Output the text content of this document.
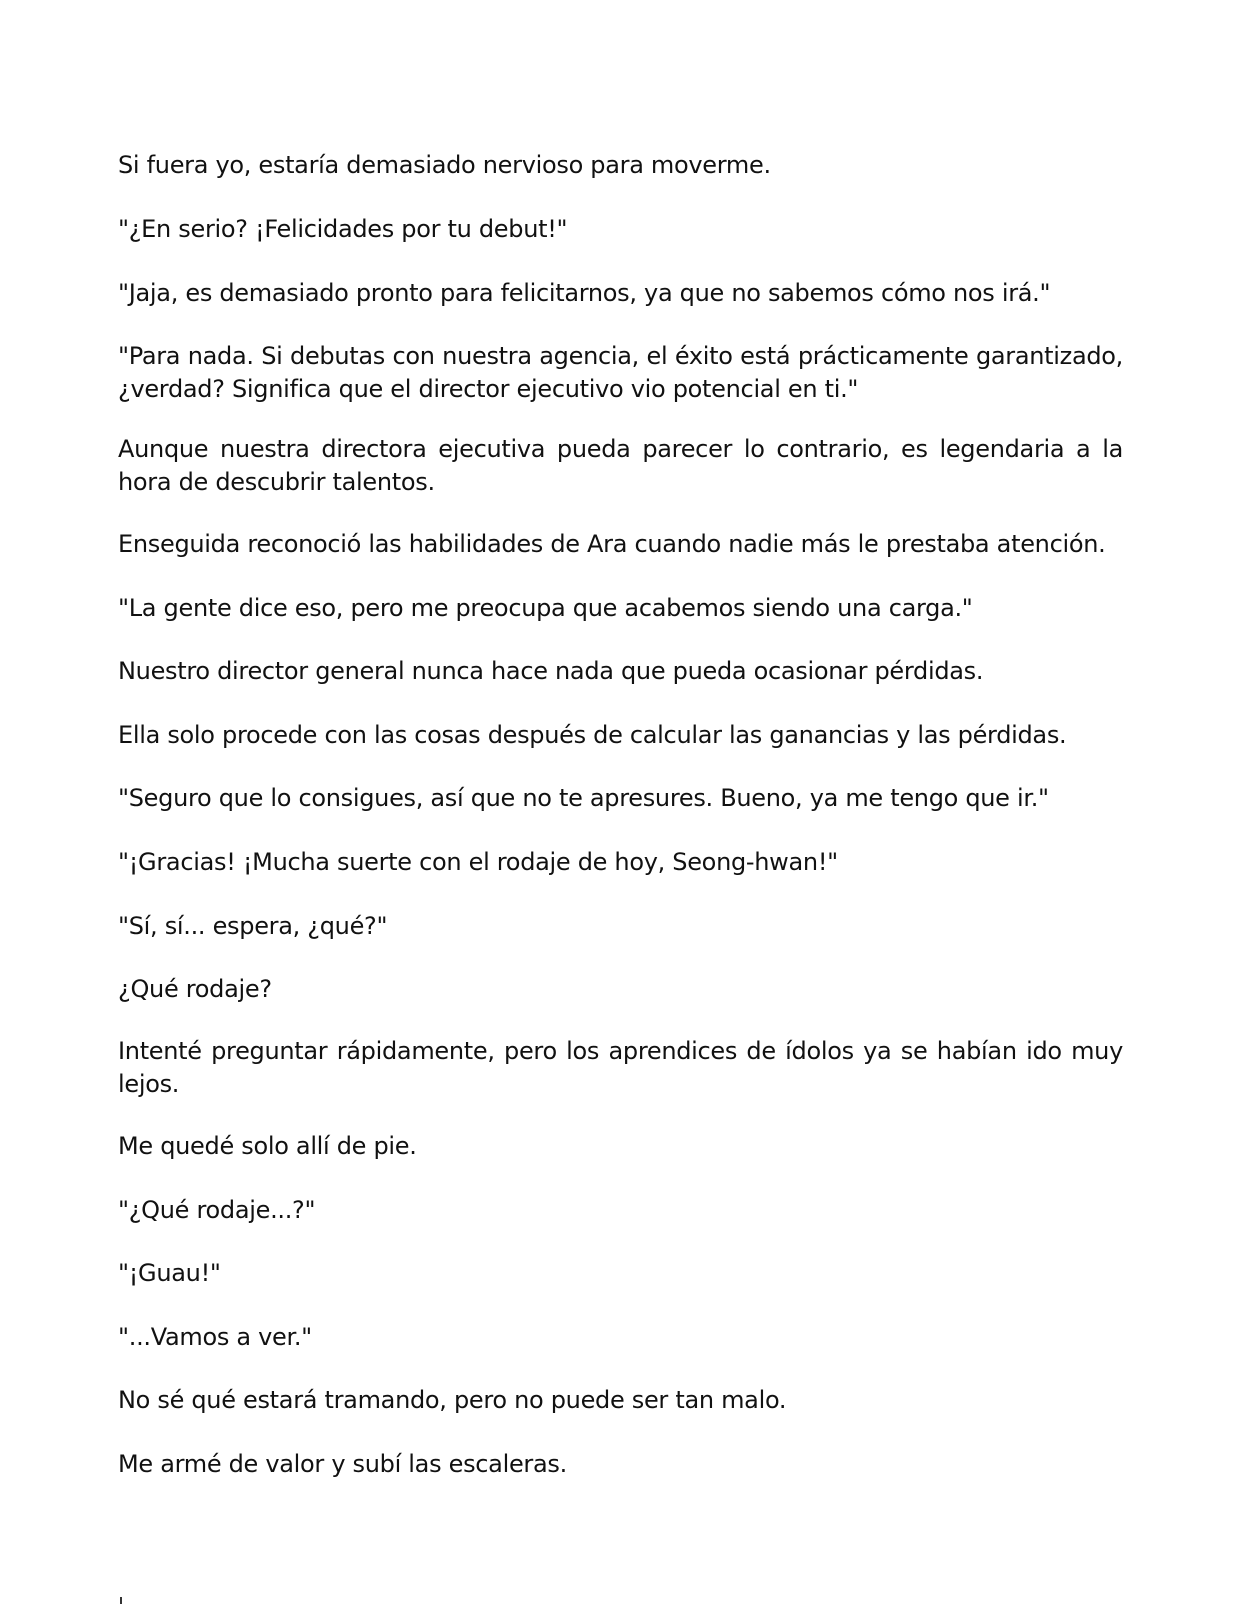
Si fuera yo, estaría demasiado nervioso para moverme.

"¿En serio? ¡Felicidades por tu debut!"

"Jaja, es demasiado pronto para felicitarnos, ya que no sabemos cómo nos irá."

"Para nada. Si debutas con nuestra agencia, el éxito está prácticamente garantizado, ¿verdad? Significa que el director ejecutivo vio potencial en ti."

Aunque nuestra directora ejecutiva pueda parecer lo contrario, es legendaria a la hora de descubrir talentos.

Enseguida reconoció las habilidades de Ara cuando nadie más le prestaba atención.

"La gente dice eso, pero me preocupa que acabemos siendo una carga."

Nuestro director general nunca hace nada que pueda ocasionar pérdidas.

Ella solo procede con las cosas después de calcular las ganancias y las pérdidas.

"Seguro que lo consigues, así que no te apresures. Bueno, ya me tengo que ir."

"¡Gracias! ¡Mucha suerte con el rodaje de hoy, Seong-hwan!"

"Sí, sí... espera, ¿qué?"

¿Qué rodaje?

Intenté preguntar rápidamente, pero los aprendices de ídolos ya se habían ido muy lejos.

Me quedé solo allí de pie.

"¿Qué rodaje...?"

"¡Guau!"

"...Vamos a ver."

No sé qué estará tramando, pero no puede ser tan malo.

Me armé de valor y subí las escaleras.
